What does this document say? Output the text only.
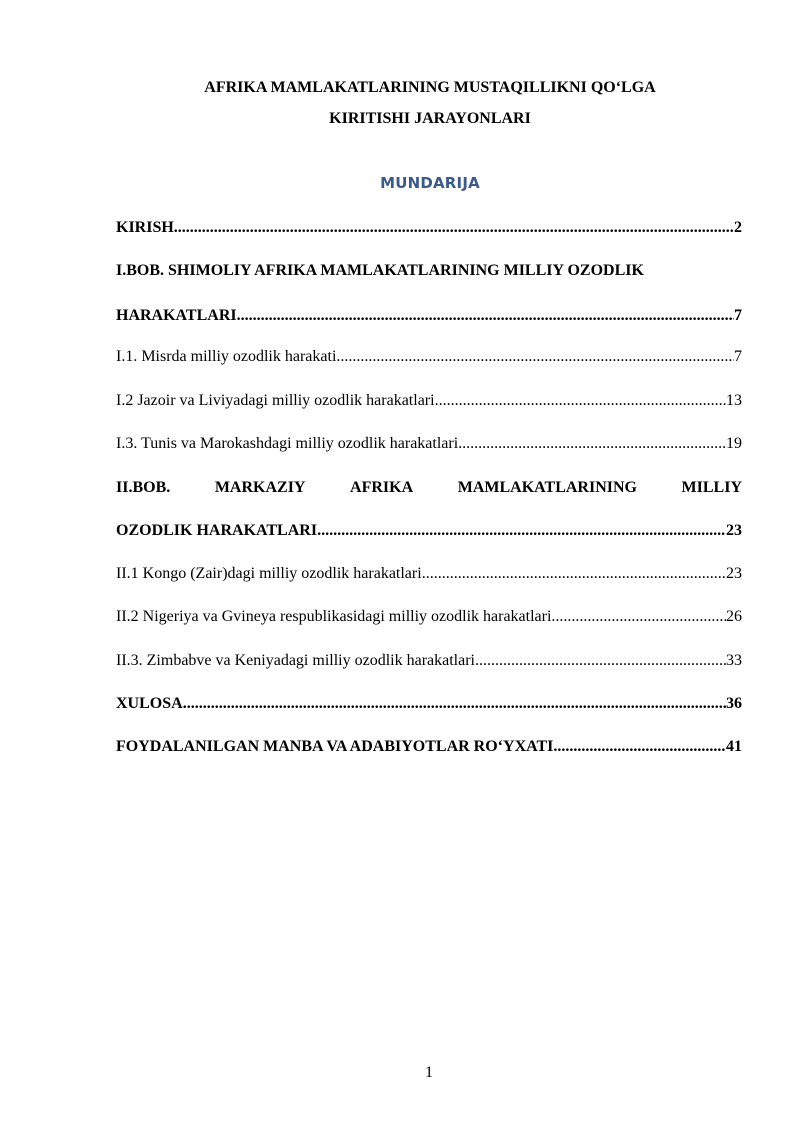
AFRIKA MAMLAKATLARINING MUSTAQILLIKNI QO‘LGA
KIRITISHI JARAYONLARI
MUNDARIJA
KIRISH .....	2
I.BOB. SHIMOLIY AFRIKA MAMLAKATLARINING MILLIY OZODLIK
HARAKATLARI .....	7
I.1. Misrda milliy ozodlik harakati .....	7
I.2 Jazoir va Liviyadagi milliy ozodlik harakatlari .....	13
I.3. Tunis va Marokashdagi milliy ozodlik harakatlari .....	19
II.BOB.	MARKAZIY	AFRIKA	MAMLAKATLARINING	MILLIY
OZODLIK HARAKATLARI .....	23
II.1 Kongo (Zair)dagi milliy ozodlik harakatlari .....	23
II.2 Nigeriya va Gvineya respublikasidagi milliy ozodlik harakatlari .....	26
II.3. Zimbabve va Keniyadagi milliy ozodlik harakatlari .....	33
XULOSA .....	36
FOYDALANILGAN MANBA VA ADABIYOTLAR RO‘YXATI .....	41
1
